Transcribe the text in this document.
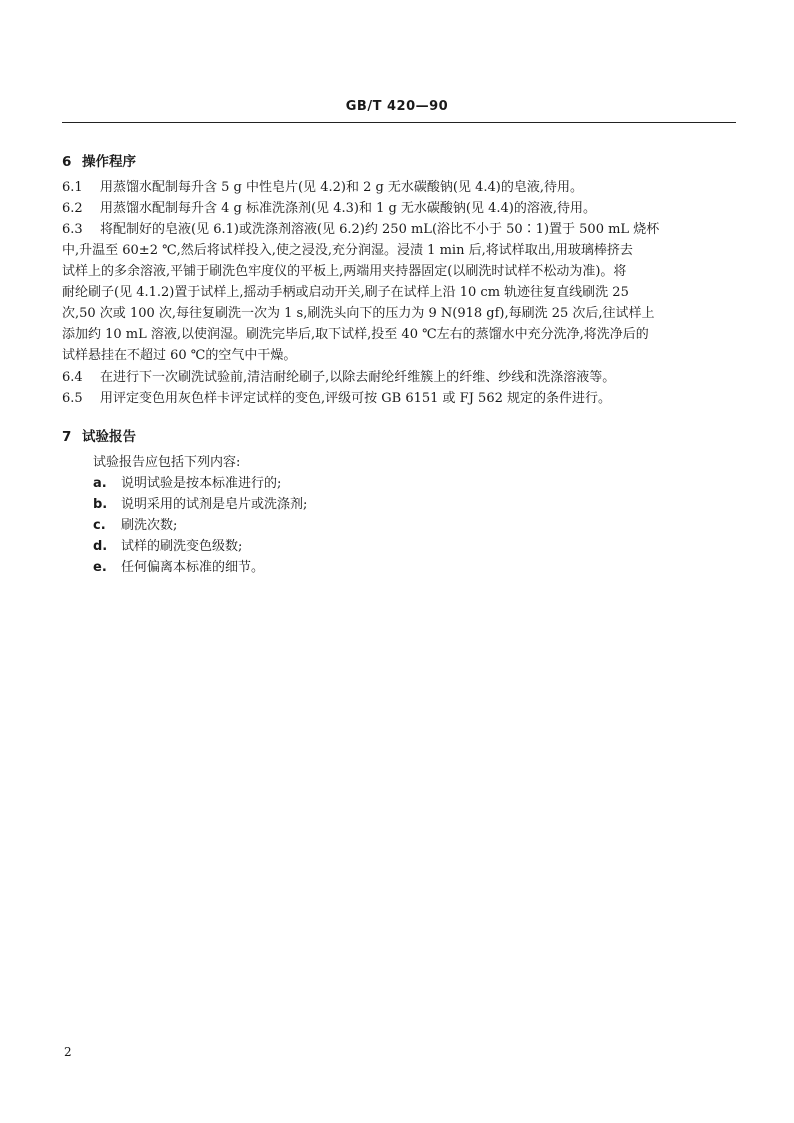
GB/T 420—90
6 操作程序
6.1 用蒸馏水配制每升含 5 g 中性皂片(见 4.2)和 2 g 无水碳酸钠(见 4.4)的皂液,待用。
6.2 用蒸馏水配制每升含 4 g 标准洗涤剂(见 4.3)和 1 g 无水碳酸钠(见 4.4)的溶液,待用。
6.3 将配制好的皂液(见 6.1)或洗涤剂溶液(见 6.2)约 250 mL(浴比不小于 50∶1)置于 500 mL 烧杯
中,升温至 60±2 ℃,然后将试样投入,使之浸没,充分润湿。浸渍 1 min 后,将试样取出,用玻璃棒挤去
试样上的多余溶液,平铺于刷洗色牢度仪的平板上,两端用夹持器固定(以刷洗时试样不松动为准)。将
耐纶刷子(见 4.1.2)置于试样上,摇动手柄或启动开关,刷子在试样上沿 10 cm 轨迹往复直线刷洗 25
次,50 次或 100 次,每往复刷洗一次为 1 s,刷洗头向下的压力为 9 N(918 gf),每刷洗 25 次后,往试样上
添加约 10 mL 溶液,以使润湿。刷洗完毕后,取下试样,投至 40 ℃左右的蒸馏水中充分洗净,将洗净后的
试样悬挂在不超过 60 ℃的空气中干燥。
6.4 在进行下一次刷洗试验前,清洁耐纶刷子,以除去耐纶纤维簇上的纤维、纱线和洗涤溶液等。
6.5 用评定变色用灰色样卡评定试样的变色,评级可按 GB 6151 或 FJ 562 规定的条件进行。
7 试验报告
试验报告应包括下列内容:
a. 说明试验是按本标准进行的;
b. 说明采用的试剂是皂片或洗涤剂;
c. 刷洗次数;
d. 试样的刷洗变色级数;
e. 任何偏离本标准的细节。
2
